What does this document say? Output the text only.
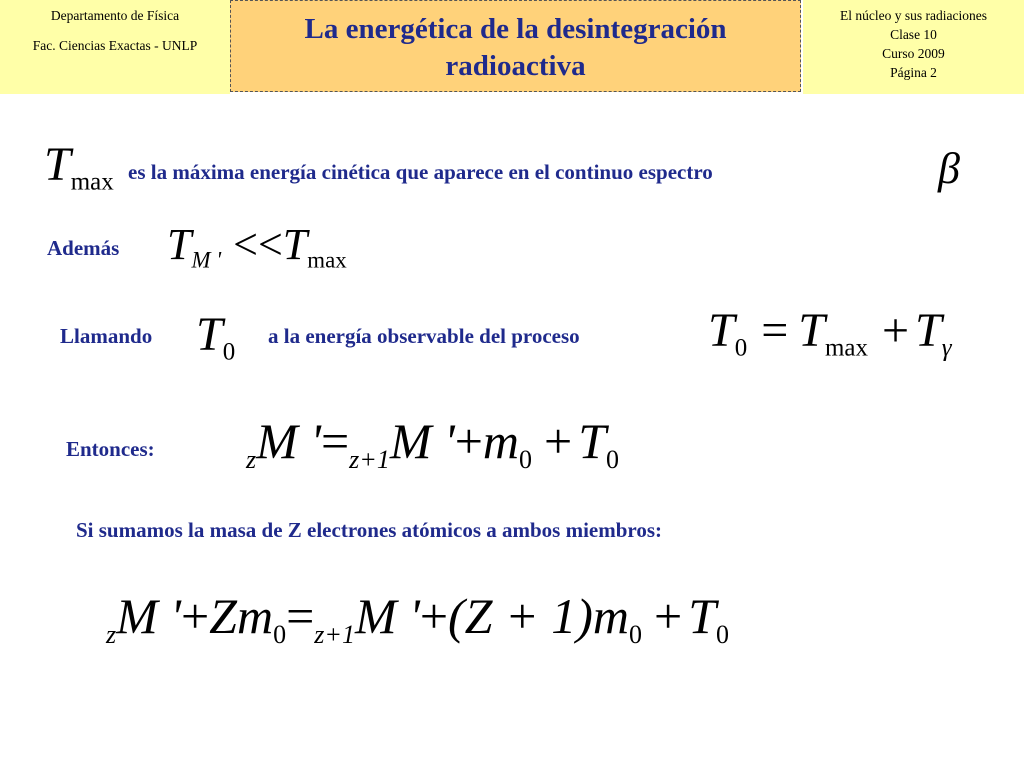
Departamento de Física
Fac. Ciencias Exactas - UNLP
La energética de la desintegración
radioactiva
El núcleo y sus radiaciones
Clase 10
Curso 2009
Página 2
$T_{max}$ es la máxima energía cinética que aparece en el continuo espectro	β
Además TM ' $<<T_{max}$
Llamando $T_0$
a la energía observable del proceso	$T_0 = T_{max} + T\gamma$
Entonces:	zM '=z+1M '$+m_0 + T_0$
Si sumamos la masa de Z electrones atómicos a ambos miembros:
zM '$+Zm_0=z+1M$ '$+(Z + 1)m_0 + T_0$
